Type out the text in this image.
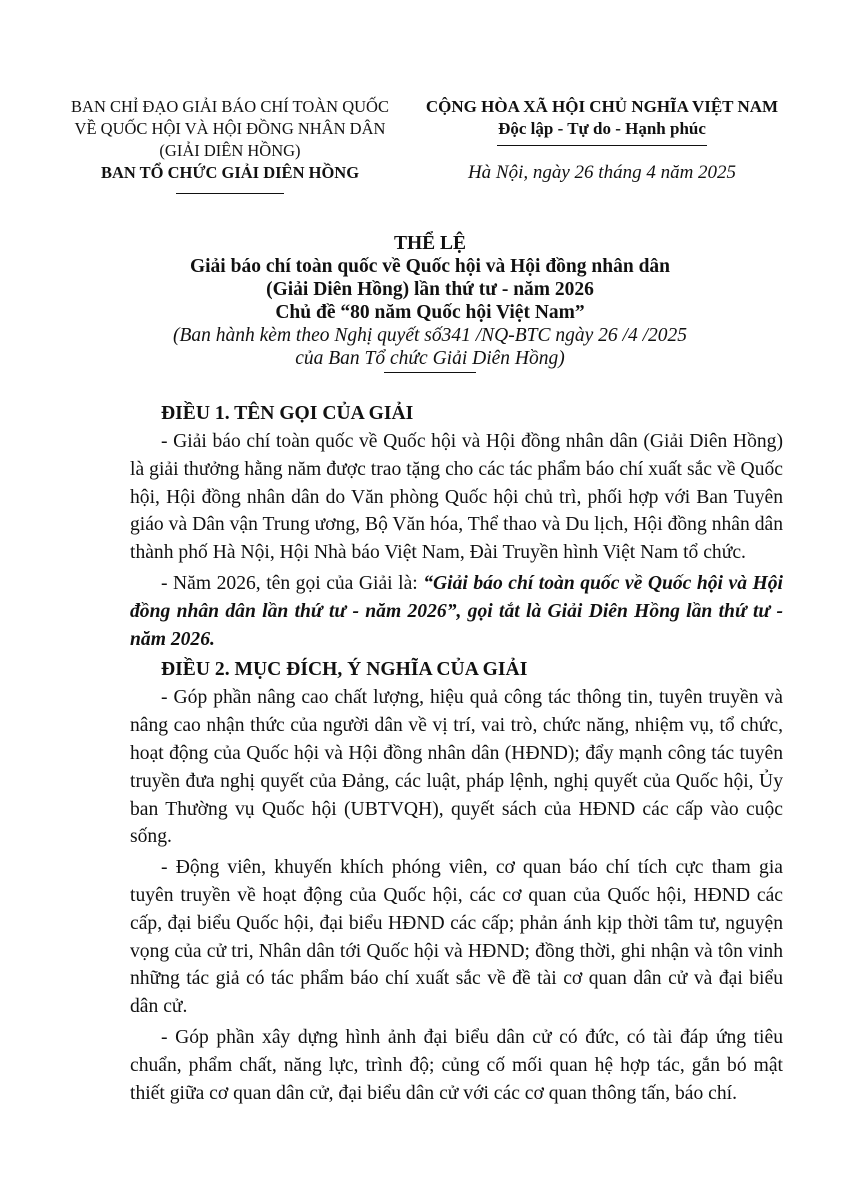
BAN CHỈ ĐẠO GIẢI BÁO CHÍ TOÀN QUỐC
VỀ QUỐC HỘI VÀ HỘI ĐỒNG NHÂN DÂN
(GIẢI DIÊN HỒNG)
BAN TỔ CHỨC GIẢI DIÊN HỒNG
CỘNG HÒA XÃ HỘI CHỦ NGHĨA VIỆT NAM
Độc lập - Tự do - Hạnh phúc
Hà Nội, ngày 26 tháng 4 năm 2025
THỂ LỆ
Giải báo chí toàn quốc về Quốc hội và Hội đồng nhân dân
(Giải Diên Hồng) lần thứ tư - năm 2026
Chủ đề “80 năm Quốc hội Việt Nam”
(Ban hành kèm theo Nghị quyết số341 /NQ-BTC ngày 26 /4 /2025
của Ban Tổ chức Giải Diên Hồng)
ĐIỀU 1. TÊN GỌI CỦA GIẢI

- Giải báo chí toàn quốc về Quốc hội và Hội đồng nhân dân (Giải Diên Hồng) là giải thưởng hằng năm được trao tặng cho các tác phẩm báo chí xuất sắc về Quốc hội, Hội đồng nhân dân do Văn phòng Quốc hội chủ trì, phối hợp với Ban Tuyên giáo và Dân vận Trung ương, Bộ Văn hóa, Thể thao và Du lịch, Hội đồng nhân dân thành phố Hà Nội, Hội Nhà báo Việt Nam, Đài Truyền hình Việt Nam tổ chức.

- Năm 2026, tên gọi của Giải là: “Giải báo chí toàn quốc về Quốc hội và Hội đồng nhân dân lần thứ tư - năm 2026”, gọi tắt là Giải Diên Hồng lần thứ tư - năm 2026.

ĐIỀU 2. MỤC ĐÍCH, Ý NGHĨA CỦA GIẢI

- Góp phần nâng cao chất lượng, hiệu quả công tác thông tin, tuyên truyền và nâng cao nhận thức của người dân về vị trí, vai trò, chức năng, nhiệm vụ, tổ chức, hoạt động của Quốc hội và Hội đồng nhân dân (HĐND); đẩy mạnh công tác tuyên truyền đưa nghị quyết của Đảng, các luật, pháp lệnh, nghị quyết của Quốc hội, Ủy ban Thường vụ Quốc hội (UBTVQH), quyết sách của HĐND các cấp vào cuộc sống.

- Động viên, khuyến khích phóng viên, cơ quan báo chí tích cực tham gia tuyên truyền về hoạt động của Quốc hội, các cơ quan của Quốc hội, HĐND các cấp, đại biểu Quốc hội, đại biểu HĐND các cấp; phản ánh kịp thời tâm tư, nguyện vọng của cử tri, Nhân dân tới Quốc hội và HĐND; đồng thời, ghi nhận và tôn vinh những tác giả có tác phẩm báo chí xuất sắc về đề tài cơ quan dân cử và đại biểu dân cử.

- Góp phần xây dựng hình ảnh đại biểu dân cử có đức, có tài đáp ứng tiêu chuẩn, phẩm chất, năng lực, trình độ; củng cố mối quan hệ hợp tác, gắn bó mật thiết giữa cơ quan dân cử, đại biểu dân cử với các cơ quan thông tấn, báo chí.
